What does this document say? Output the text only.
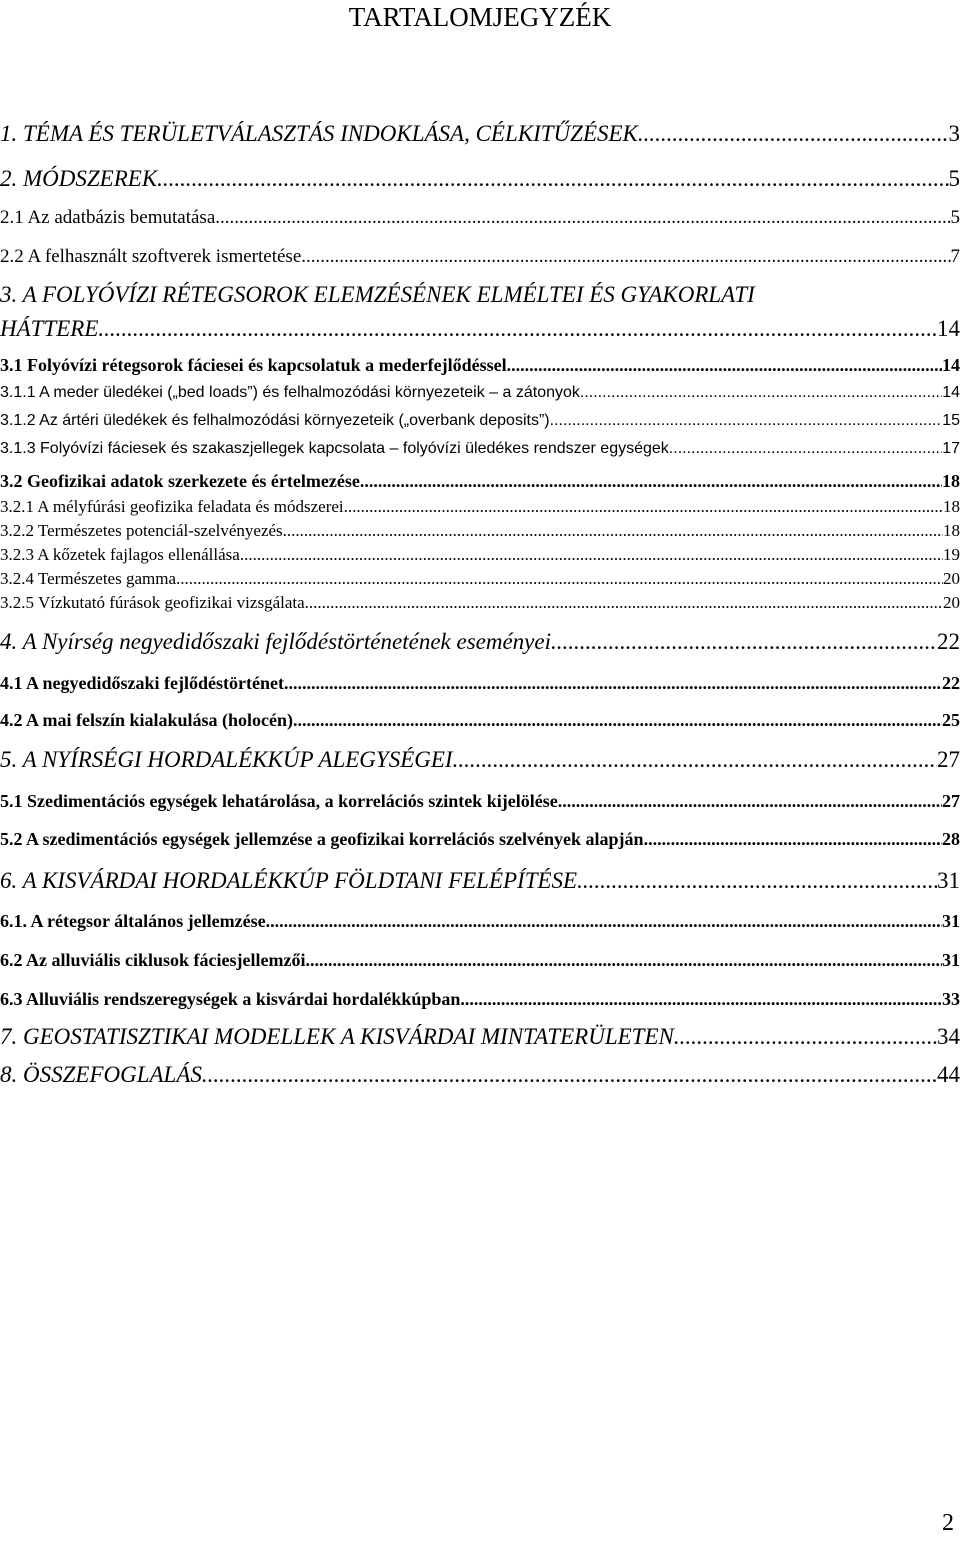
TARTALOMJEGYZÉK
1. TÉMA ÉS TERÜLETVÁLASZTÁS INDOKLÁSA, CÉLKITŰZÉSEK .....	3
2. MÓDSZEREK .....	5
2.1 Az adatbázis bemutatása .....	5
2.2 A felhasznált szoftverek ismertetése .....	7
3. A FOLYÓVÍZI RÉTEGSOROK ELEMZÉSÉNEK ELMÉLTEI ÉS GYAKORLATI
HÁTTERE .....	14
3.1 Folyóvízi rétegsorok fáciesei és kapcsolatuk a mederfejlődéssel .....	14
3.1.1 A meder üledékei („bed loads”) és felhalmozódási környezeteik – a zátonyok .....	14
3.1.2 Az ártéri üledékek és felhalmozódási környezeteik („overbank deposits”) .....	15
3.1.3 Folyóvízi fáciesek és szakaszjellegek kapcsolata – folyóvízi üledékes rendszer egységek .....	17
3.2 Geofizikai adatok szerkezete és értelmezése .....	18
3.2.1 A mélyfúrási geofizika feladata és módszerei .....	18
3.2.2 Természetes potenciál-szelvényezés .....	18
3.2.3 A kőzetek fajlagos ellenállása .....	19
3.2.4 Természetes gamma .....	20
3.2.5 Vízkutató fúrások geofizikai vizsgálata .....	20
4. A Nyírség negyedidőszaki fejlődéstörténetének eseményei .....	22
4.1 A negyedidőszaki fejlődéstörténet .....	22
4.2 A mai felszín kialakulása (holocén) .....	25
5. A NYÍRSÉGI HORDALÉKKÚP ALEGYSÉGEI .....	27
5.1 Szedimentációs egységek lehatárolása, a korrelációs szintek kijelölése .....	27
5.2 A szedimentációs egységek jellemzése a geofizikai korrelációs szelvények alapján .....	28
6. A KISVÁRDAI HORDALÉKKÚP FÖLDTANI FELÉPÍTÉSE .....	31
6.1. A rétegsor általános jellemzése .....	31
6.2 Az alluviális ciklusok fáciesjellemzői .....	31
6.3 Alluviális rendszeregységek a kisvárdai hordalékkúpban .....	33
7. GEOSTATISZTIKAI MODELLEK A KISVÁRDAI MINTATERÜLETEN .....	34
8. ÖSSZEFOGLALÁS .....	44
2
